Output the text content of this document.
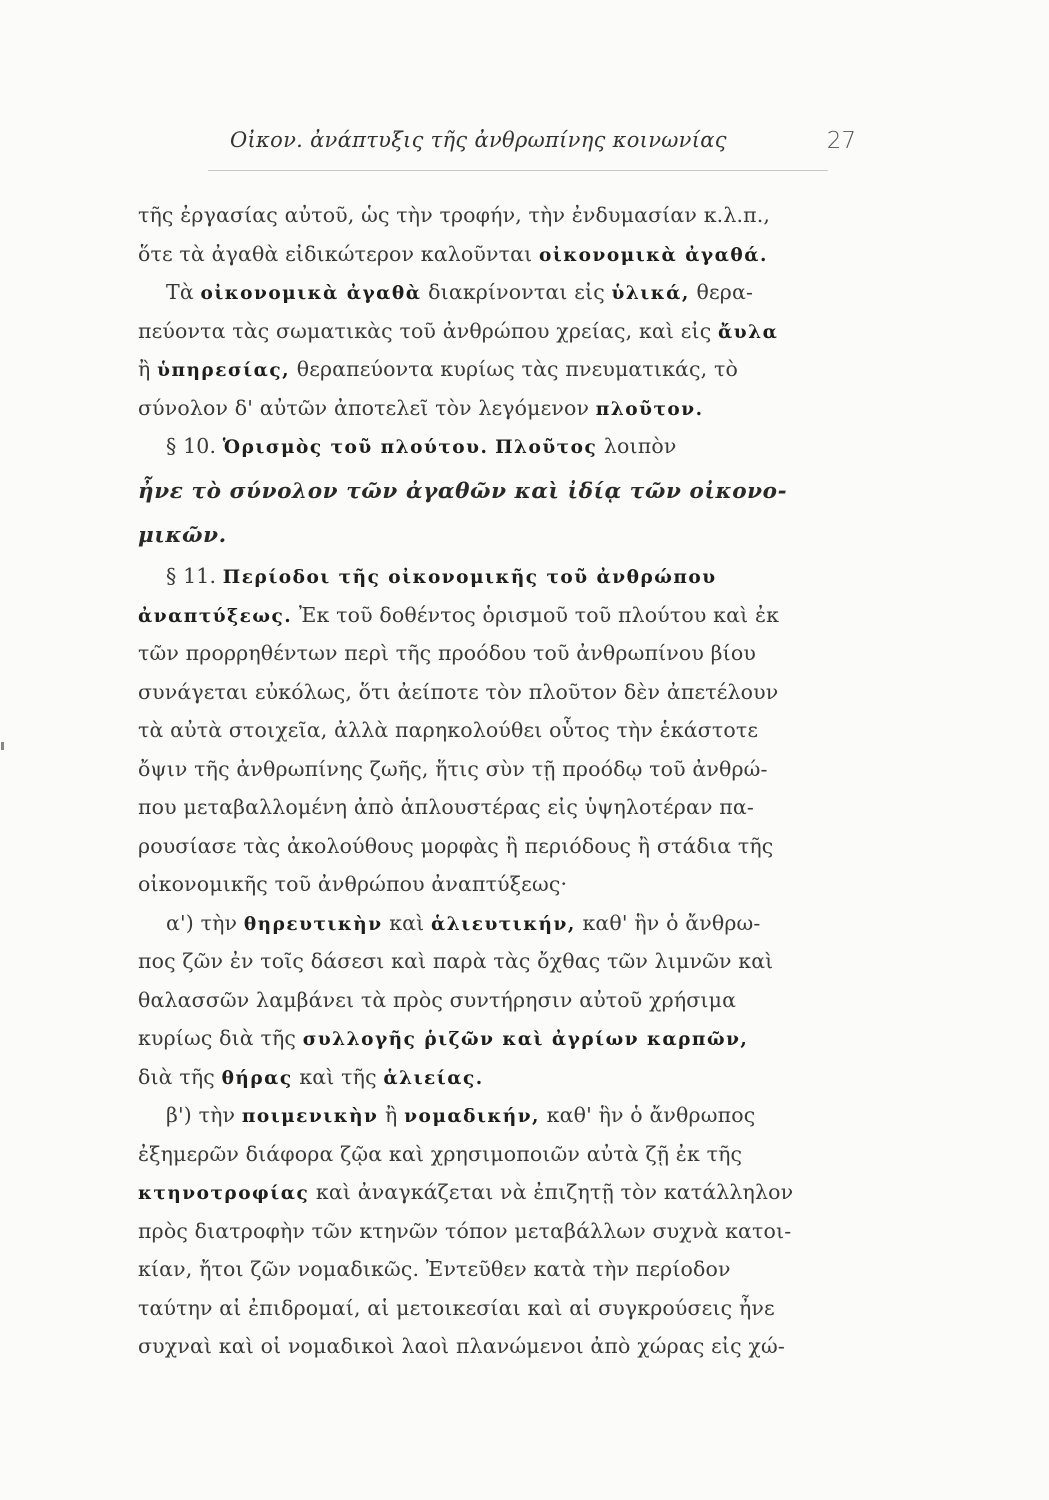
Οἰκον. ἀνάπτυξις τῆς ἀνθρωπίνης κοινωνίας	27
τῆς ἐργασίας αὐτοῦ, ὡς τὴν τροφήν, τὴν ἐνδυμασίαν κ.λ.π.,
ὅτε τὰ ἀγαθὰ εἰδικώτερον καλοῦνται οἰκονομικὰ ἀγαθά.
Τὰ οἰκονομικὰ ἀγαθὰ διακρίνονται εἰς ὑλικά, θερα-
πεύοντα τὰς σωματικὰς τοῦ ἀνθρώπου χρείας, καὶ εἰς ἄυλα
ἢ ὑπηρεσίας, θεραπεύοντα κυρίως τὰς πνευματικάς, τὸ
σύνολον δ' αὐτῶν ἀποτελεῖ τὸν λεγόμενον πλοῦτον.
§ 10. Ὁρισμὸς τοῦ πλούτου. Πλοῦτος λοιπὸν
ἦνε τὸ σύνολον τῶν ἀγαθῶν καὶ ἰδίᾳ τῶν οἰκονο-
μικῶν.
§ 11. Περίοδοι τῆς οἰκονομικῆς τοῦ ἀνθρώπου
ἀναπτύξεως. Ἐκ τοῦ δοθέντος ὁρισμοῦ τοῦ πλούτου καὶ ἐκ
τῶν προρρηθέντων περὶ τῆς προόδου τοῦ ἀνθρωπίνου βίου
συνάγεται εὐκόλως, ὅτι ἀείποτε τὸν πλοῦτον δὲν ἀπετέλουν
τὰ αὐτὰ στοιχεῖα, ἀλλὰ παρηκολούθει οὗτος τὴν ἑκάστοτε
ὄψιν τῆς ἀνθρωπίνης ζωῆς, ἥτις σὺν τῇ προόδῳ τοῦ ἀνθρώ-
που μεταβαλλομένη ἀπὸ ἁπλουστέρας εἰς ὑψηλοτέραν πα-
ρουσίασε τὰς ἀκολούθους μορφὰς ἢ περιόδους ἢ στάδια τῆς
οἰκονομικῆς τοῦ ἀνθρώπου ἀναπτύξεως·
α') τὴν θηρευτικὴν καὶ ἁλιευτικήν, καθ' ἣν ὁ ἄνθρω-
πος ζῶν ἐν τοῖς δάσεσι καὶ παρὰ τὰς ὄχθας τῶν λιμνῶν καὶ
θαλασσῶν λαμβάνει τὰ πρὸς συντήρησιν αὐτοῦ χρήσιμα
κυρίως διὰ τῆς συλλογῆς ῥιζῶν καὶ ἀγρίων καρπῶν,
διὰ τῆς θήρας καὶ τῆς ἁλιείας.
β') τὴν ποιμενικὴν ἢ νομαδικήν, καθ' ἣν ὁ ἄνθρωπος
ἐξημερῶν διάφορα ζῷα καὶ χρησιμοποιῶν αὐτὰ ζῇ ἐκ τῆς
κτηνοτροφίας καὶ ἀναγκάζεται νὰ ἐπιζητῇ τὸν κατάλληλον
πρὸς διατροφὴν τῶν κτηνῶν τόπον μεταβάλλων συχνὰ κατοι-
κίαν, ἤτοι ζῶν νομαδικῶς. Ἐντεῦθεν κατὰ τὴν περίοδον
ταύτην αἱ ἐπιδρομαί, αἱ μετοικεσίαι καὶ αἱ συγκρούσεις ἦνε
συχναὶ καὶ οἱ νομαδικοὶ λαοὶ πλανώμενοι ἀπὸ χώρας εἰς χώ-
